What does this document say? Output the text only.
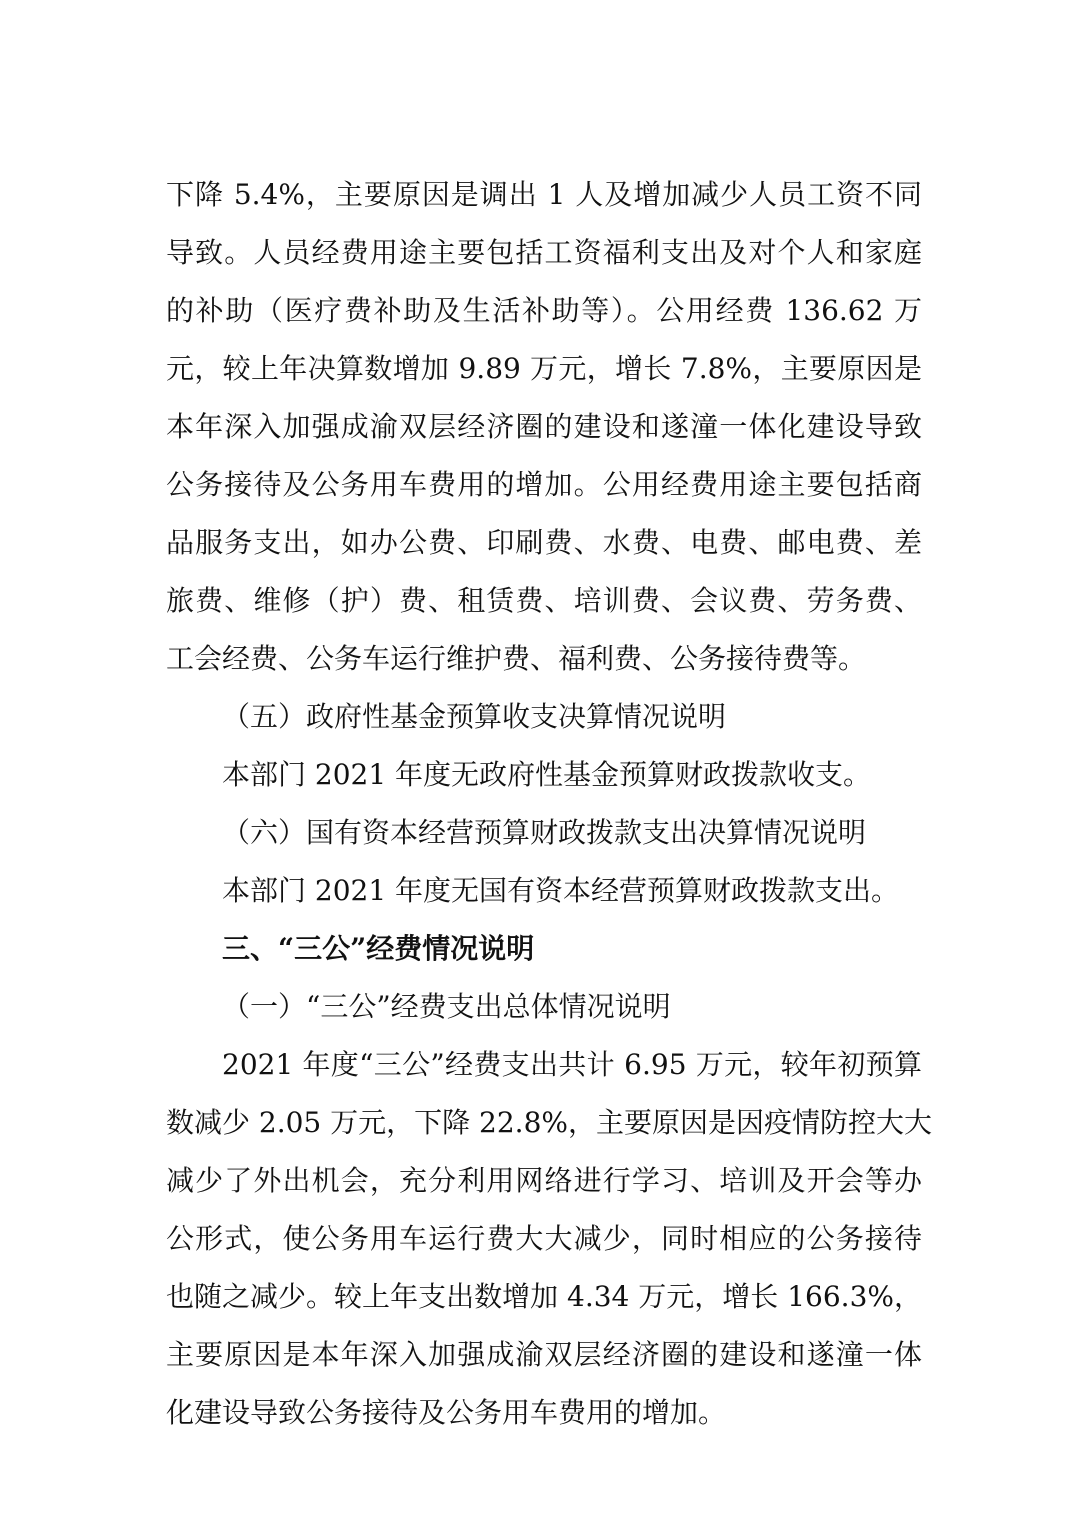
下降 5.4%，主要原因是调出 1 人及增加减少人员工资不同
导致。人员经费用途主要包括工资福利支出及对个人和家庭
的补助（医疗费补助及生活补助等）。公用经费 136.62 万
元，较上年决算数增加 9.89 万元，增长 7.8%，主要原因是
本年深入加强成渝双层经济圈的建设和遂潼一体化建设导致
公务接待及公务用车费用的增加。公用经费用途主要包括商
品服务支出，如办公费、印刷费、水费、电费、邮电费、差
旅费、维修（护）费、租赁费、培训费、会议费、劳务费、
工会经费、公务车运行维护费、福利费、公务接待费等。
（五）政府性基金预算收支决算情况说明
本部门 2021 年度无政府性基金预算财政拨款收支。
（六）国有资本经营预算财政拨款支出决算情况说明
本部门 2021 年度无国有资本经营预算财政拨款支出。
三、“三公”经费情况说明
（一）“三公”经费支出总体情况说明
2021 年度“三公”经费支出共计 6.95 万元，较年初预算
数减少 2.05 万元，下降 22.8%，主要原因是因疫情防控大大
减少了外出机会，充分利用网络进行学习、培训及开会等办
公形式，使公务用车运行费大大减少，同时相应的公务接待
也随之减少。较上年支出数增加 4.34 万元，增长 166.3%，
主要原因是本年深入加强成渝双层经济圈的建设和遂潼一体
化建设导致公务接待及公务用车费用的增加。
